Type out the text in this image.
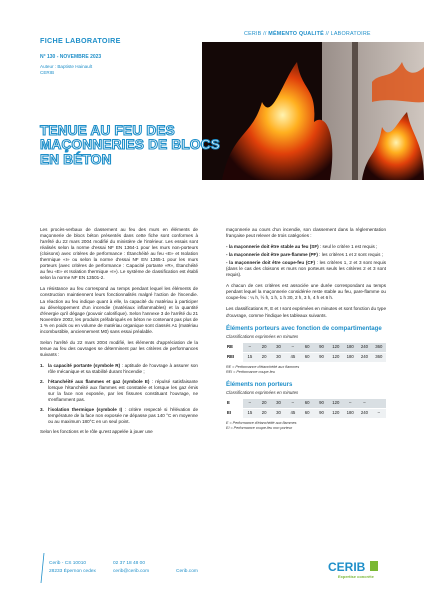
FICHE LABORATOIRE
N° 130 - NOVEMBRE 2023
Auteur : Baptiste Hainault
CERIB
CERIB // MÉMENTO QUALITÉ // LABORATOIRE
TENUE AU FEU DES
MAÇONNERIES DE BLOCS
EN BÉTON

Les procès-verbaux de classement au feu des murs en éléments de maçonnerie de blocs béton présentés dans cette fiche sont conformes à l'arrêté du 22 mars 2004 modifié du ministère de l'intérieur. Les essais sont réalisés selon la norme d'essai NF EN 1364-1 pour les murs non-porteurs (cloisons) avec critères de performance : Étanchéité au feu «E» et Isolation thermique «I» ou selon la norme d'essai NF EN 1365-1 pour les murs porteurs (avec critères de performance : Capacité portante «R», Étanchéité au feu «E» et Isolation thermique «I»). Le système de classification est établi selon la norme NF EN 13501-2.

La résistance au feu correspond au temps pendant lequel les éléments de construction maintiennent leurs fonctionnalités malgré l'action de l'incendie. La réaction au feu indique quant à elle, la capacité du matériau à participer au développement d'un incendie (matériaux inflammables) et la quantité d'énergie qu'il dégage (pouvoir calorifique). Selon l'annexe 3 de l'arrêté du 21 Novembre 2002, les produits préfabriqués en béton ne contenant pas plus de 1 % en poids ou en volume de matériau organique sont classés A1 (matériau incombustible, anciennement M0) sans essai préalable.

Selon l'arrêté du 22 mars 2004 modifié, les éléments d'appréciation de la tenue au feu des ouvrages se déterminent par les critères de performances suivants :

1. la capacité portante (symbole R) : aptitude de l'ouvrage à assurer son rôle mécanique et sa stabilité durant l'incendie ;
2. l'étanchéité aux flammes et gaz (symbole E) : répulsé satisfaisante lorsque l'étanchéité aux flammes est constatée et lorsque les gaz émis sur la face non exposée, par les fissures constituant l'ouvrage, ne s'enflamment pas.
3. l'isolation thermique (symbole I) : critère respecté si l'élévation de température de la face non exposée ne dépasse pas 140 °C en moyenne ou au maximum 180°C en un seul point.

Selon les fonctions et le rôle qu'est appelée à jouer une

maçonnerie au cours d'un incendie, son classement dans la réglementation française peut relever de trois catégories :

- la maçonnerie doit être stable au feu (SF) : seul le critère 1 est requis ;
- la maçonnerie doit être pare-flamme (PF) : les critères 1 et 2 sont requis ;
- la maçonnerie doit être coupe-feu (CF) : les critères 1, 2 et 3 sont requis (dans le cas des cloisons et murs non porteurs seuls les critères 2 et 3 sont requis).

A chacun de ces critères est associée une durée correspondant au temps pendant lequel la maçonnerie considérée reste stable au feu, pare-flamme ou coupe-feu : ¼ h, ½ h, 1 h, 1 h 30, 2 h, 3 h, 4 h et 6 h.

Les classifications R, E et I sont exprimées en minutes et sont fonction du type d'ouvrage, comme l'indique les tableaux suivants.

Éléments porteurs avec fonction de compartimentage
Classifications exprimées en minutes
RE	–	20	30	–	60	90	120	180	240	360
REI	15	20	30	45	60	90	120	180	240	360
RE = Performance d'étanchéité aux flammes
REI = Performance coupe-feu
Éléments non porteurs
Classifications exprimées en minutes
E	–	20	30	–	60	90	120	–	–	
EI	15	20	30	45	60	90	120	180	240	–
E = Performance d'étanchéité aux flammes
EI = Performance coupe-feu non porteur
Cerib - CS 10010
28233 Épernon cedex
02 37 18 48 00
cerib@cerib.com	Cerib.com	CERIB
Expertise concrète
